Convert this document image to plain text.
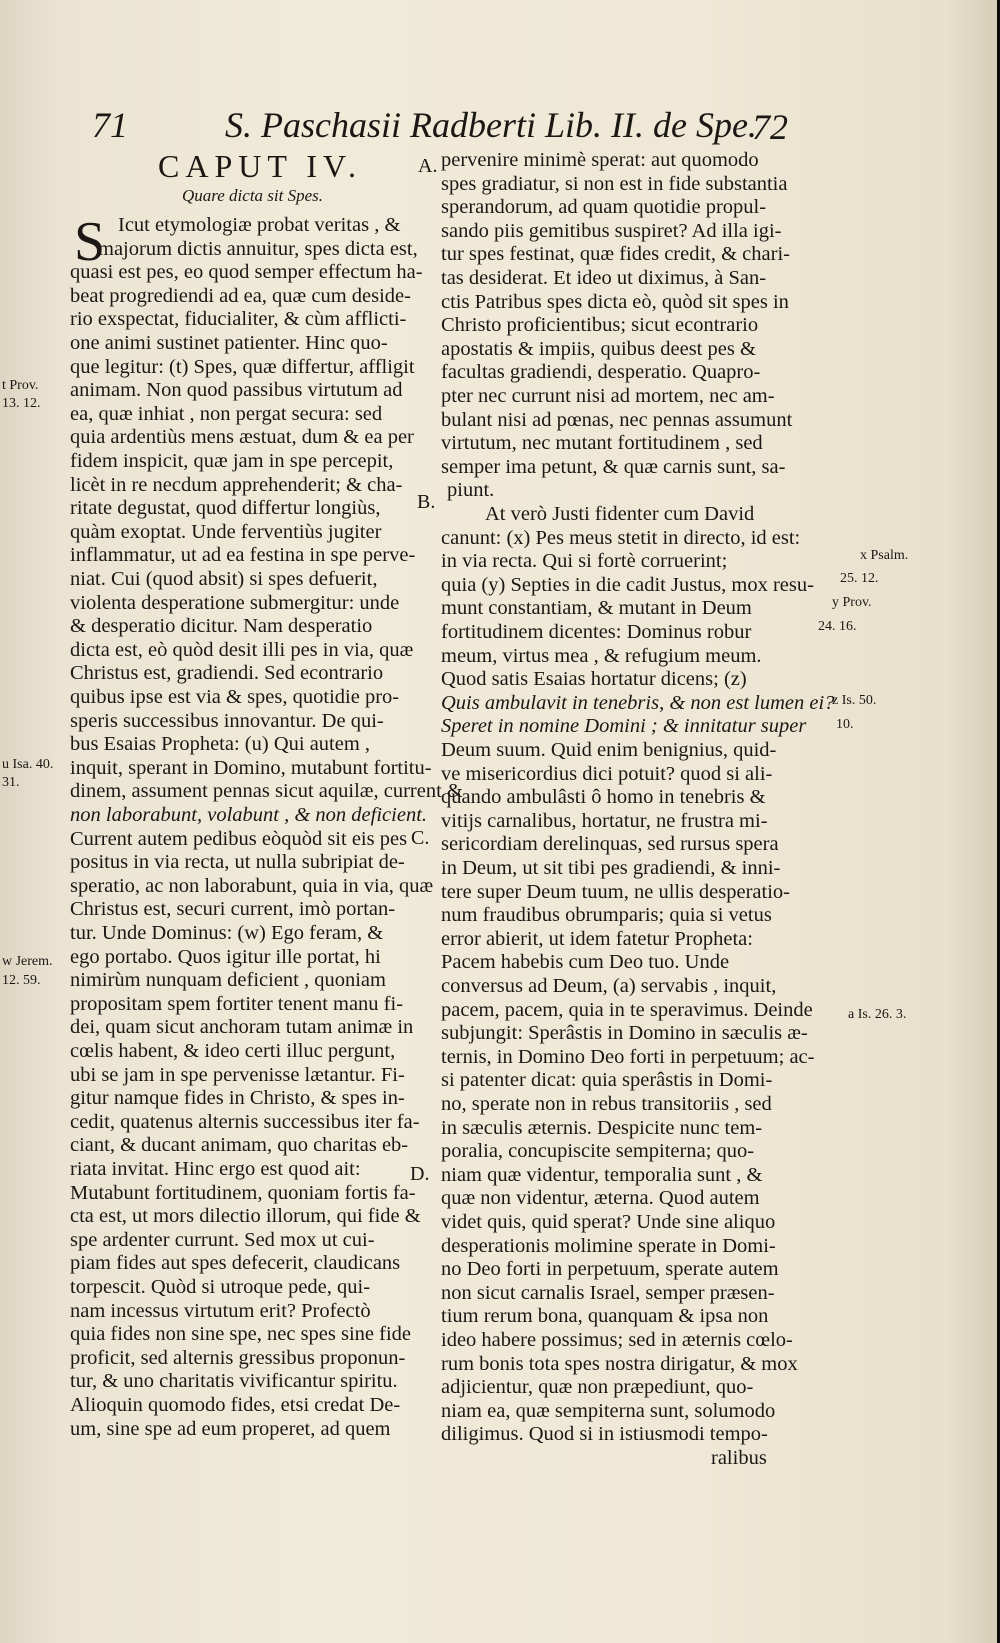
71	S. Paschasii Radberti Lib. II. de Spe.
72
CAPUT IV.
Quare dicta sit Spes.
S Icut etymologiæ probat veritas , &
majorum dictis annuitur, spes dicta est,
quasi est pes, eo quod semper effectum ha-
beat progrediendi ad ea, quæ cum deside-
rio exspectat, fiducialiter, & cùm afflicti-
one animi sustinet patienter. Hinc quo-
que legitur: (t) Spes, quæ differtur, affligit
animam. Non quod passibus virtutum ad
ea, quæ inhiat , non pergat secura: sed
quia ardentiùs mens æstuat, dum & ea per
fidem inspicit, quæ jam in spe percepit,
licèt in re necdum apprehenderit; & cha-
ritate degustat, quod differtur longiùs,
quàm exoptat. Unde ferventiùs jugiter
inflammatur, ut ad ea festina in spe perve-
niat. Cui (quod absit) si spes defuerit,
violenta desperatione submergitur: unde
& desperatio dicitur. Nam desperatio
dicta est, eò quòd desit illi pes in via, quæ
Christus est, gradiendi. Sed econtrario
quibus ipse est via & spes, quotidie pro-
speris successibus innovantur. De qui-
bus Esaias Propheta: (u) Qui autem ,
inquit, sperant in Domino, mutabunt fortitu-
dinem, assument pennas sicut aquilæ, current &
non laborabunt, volabunt , & non deficient.
Current autem pedibus eòquòd sit eis pes
positus in via recta, ut nulla subripiat de-
speratio, ac non laborabunt, quia in via, quæ
Christus est, securi current, imò portan-
tur. Unde Dominus: (w) Ego feram, &
ego portabo. Quos igitur ille portat, hi
nimirùm nunquam deficient , quoniam
propositam spem fortiter tenent manu fi-
dei, quam sicut anchoram tutam animæ in
cœlis habent, & ideo certi illuc pergunt,
ubi se jam in spe pervenisse lætantur. Fi-
gitur namque fides in Christo, & spes in-
cedit, quatenus alternis successibus iter fa-
ciant, & ducant animam, quo charitas eb-
riata invitat. Hinc ergo est quod ait:
Mutabunt fortitudinem, quoniam fortis fa-
cta est, ut mors dilectio illorum, qui fide &
spe ardenter currunt. Sed mox ut cui-
piam fides aut spes defecerit, claudicans
torpescit. Quòd si utroque pede, qui-
nam incessus virtutum erit? Profectò
quia fides non sine spe, nec spes sine fide
proficit, sed alternis gressibus proponun-
tur, & uno charitatis vivificantur spiritu.
Alioquin quomodo fides, etsi credat De-
um, sine spe ad eum properet, ad quem
pervenire minimè sperat: aut quomodo
spes gradiatur, si non est in fide substantia
sperandorum, ad quam quotidie propul-
sando piis gemitibus suspiret? Ad illa igi-
tur spes festinat, quæ fides credit, & chari-
tas desiderat. Et ideo ut diximus, à San-
ctis Patribus spes dicta eò, quòd sit spes in
Christo proficientibus; sicut econtrario
apostatis & impiis, quibus deest pes &
facultas gradiendi, desperatio. Quapro-
pter nec currunt nisi ad mortem, nec am-
bulant nisi ad pœnas, nec pennas assumunt
virtutum, nec mutant fortitudinem , sed
semper ima petunt, & quæ carnis sunt, sa-
piunt.
At verò Justi fidenter cum David
canunt: (x) Pes meus stetit in directo, id est:
in via recta. Qui si fortè corruerint;
quia (y) Septies in die cadit Justus, mox resu-
munt constantiam, & mutant in Deum
fortitudinem dicentes: Dominus robur
meum, virtus mea , & refugium meum.
Quod satis Esaias hortatur dicens; (z)
Quis ambulavit in tenebris, & non est lumen ei?
Speret in nomine Domini ; & innitatur super
Deum suum. Quid enim benignius, quid-
ve misericordius dici potuit? quod si ali-
quando ambulâsti ô homo in tenebris &
vitijs carnalibus, hortatur, ne frustra mi-
sericordiam derelinquas, sed rursus spera
in Deum, ut sit tibi pes gradiendi, & inni-
tere super Deum tuum, ne ullis desperatio-
num fraudibus obrumparis; quia si vetus
error abierit, ut idem fatetur Propheta:
Pacem habebis cum Deo tuo. Unde
conversus ad Deum, (a) servabis , inquit,
pacem, pacem, quia in te speravimus. Deinde
subjungit: Sperâstis in Domino in sæculis æ-
ternis, in Domino Deo forti in perpetuum; ac-
si patenter dicat: quia sperâstis in Domi-
no, sperate non in rebus transitoriis , sed
in sæculis æternis. Despicite nunc tem-
poralia, concupiscite sempiterna; quo-
niam quæ videntur, temporalia sunt , &
quæ non videntur, æterna. Quod autem
videt quis, quid sperat? Unde sine aliquo
desperationis molimine sperate in Domi-
no Deo forti in perpetuum, sperate autem
non sicut carnalis Israel, semper præsen-
tium rerum bona, quanquam & ipsa non
ideo habere possimus; sed in æternis cœlo-
rum bonis tota spes nostra dirigatur, & mox
adjicientur, quæ non præpediunt, quo-
niam ea, quæ sempiterna sunt, solumodo
diligimus. Quod si in istiusmodi tempo-
ralibus
A.
B.
C.
D.
t Prov.
13. 12.
u Isa. 40.
31.
w Jerem.
12. 59.
x Psalm.
25. 12.
y Prov.
24. 16.
z Is. 50.
10.
a Is. 26. 3.
